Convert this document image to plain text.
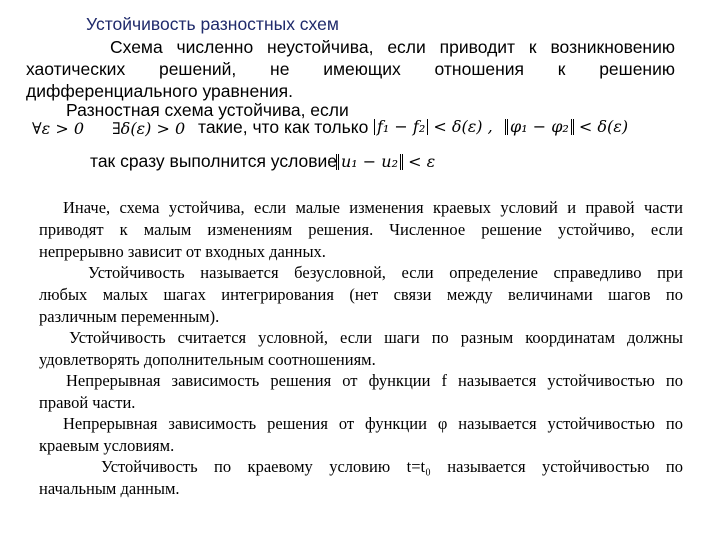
Устойчивость разностных схем
Схема численно неустойчива, если приводит к возникновению
хаотических решений, не имеющих отношения к решению
дифференциального уравнения.
Разностная схема устойчива, если
∀ε > 0 ∃δ(ε) > 0 такие, что как только f₁ − f₂ < δ(ε) ,	φ₁ − φ₂ < δ(ε)
так сразу выполнится условие u₁ − u₂ < ε
Иначе, схема устойчива, если малые изменения краевых условий и правой части
приводят к малым изменениям решения. Численное решение устойчиво, если
непрерывно зависит от входных данных.
Устойчивость называется безусловной, если определение справедливо при
любых малых шагах интегрирования (нет связи между величинами шагов по
различным переменным).
Устойчивость считается условной, если шаги по разным координатам должны
удовлетворять дополнительным соотношениям.
Непрерывная зависимость решения от функции f называется устойчивостью по
правой части.
Непрерывная зависимость решения от функции φ называется устойчивостью по
краевым условиям.
Устойчивость по краевому условию t=t₀ называется устойчивостью по
начальным данным.
